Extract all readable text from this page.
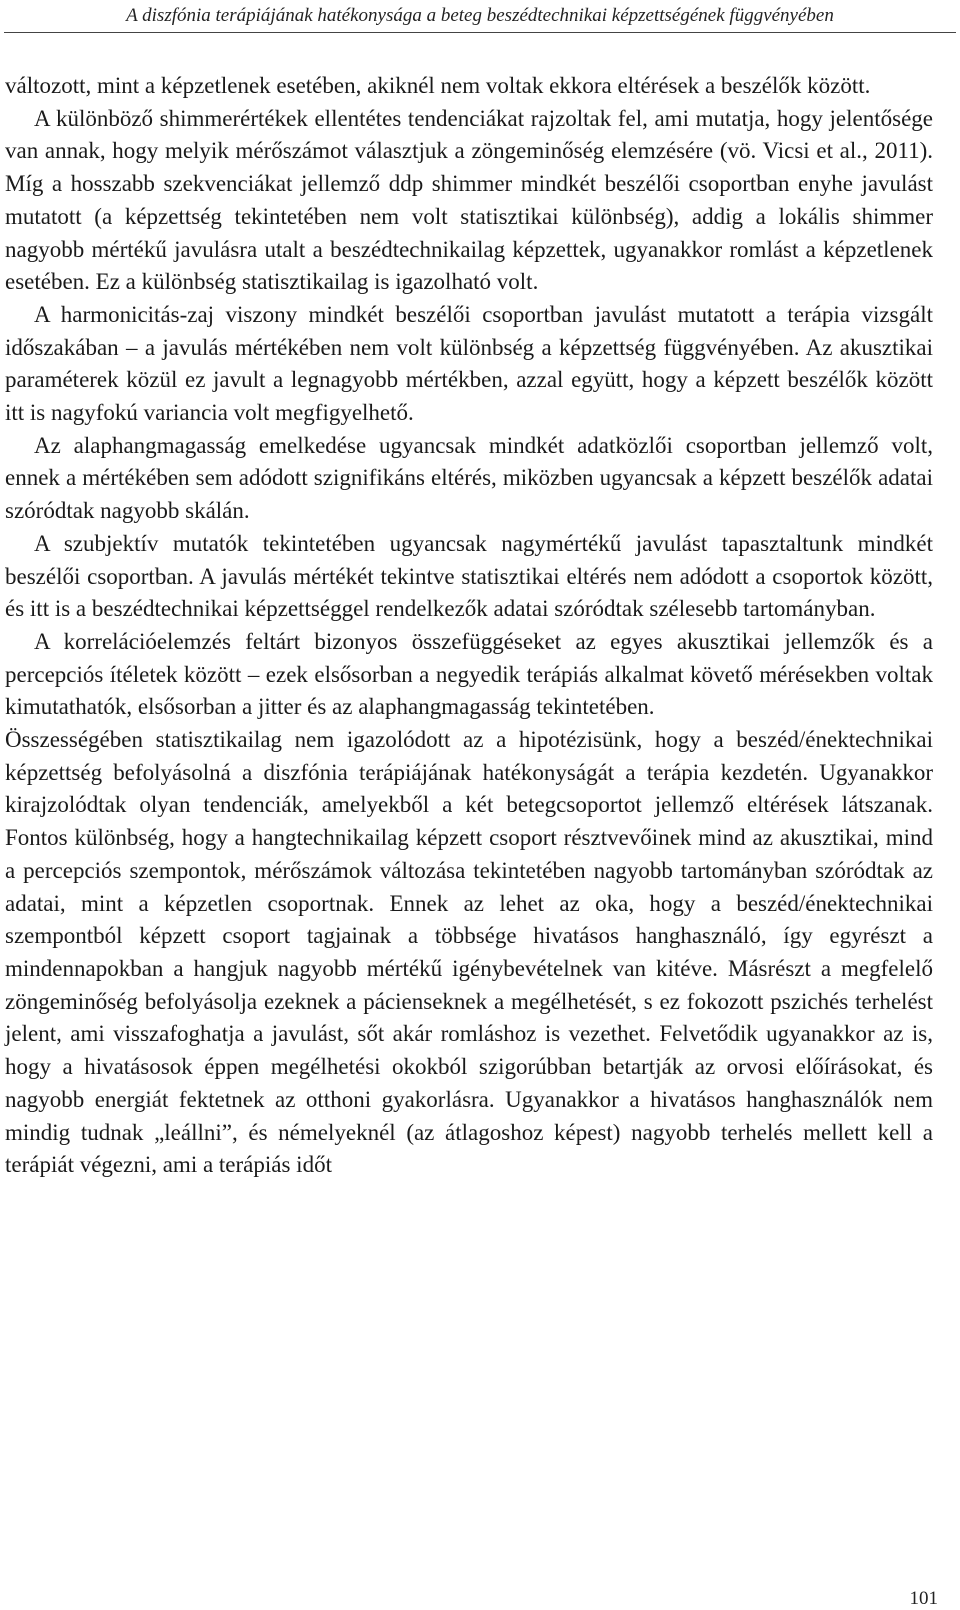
A diszfónia terápiájának hatékonysága a beteg beszédtechnikai képzettségének függvényében

változott, mint a képzetlenek esetében, akiknél nem voltak ekkora eltérések a beszélők között.

A különböző shimmerértékek ellentétes tendenciákat rajzoltak fel, ami mutatja, hogy jelentősége van annak, hogy melyik mérőszámot választjuk a zöngeminőség elemzésére (vö. Vicsi et al., 2011). Míg a hosszabb szekvenciákat jellemző ddp shimmer mindkét beszélői csoportban enyhe javulást mutatott (a képzettség tekintetében nem volt statisztikai különbség), addig a lokális shimmer nagyobb mértékű javulásra utalt a beszédtechnikailag képzettek, ugyanakkor romlást a képzetlenek esetében. Ez a különbség statisztikailag is igazolható volt.

A harmonicitás-zaj viszony mindkét beszélői csoportban javulást mutatott a terápia vizsgált időszakában – a javulás mértékében nem volt különbség a képzettség függvényében. Az akusztikai paraméterek közül ez javult a legnagyobb mértékben, azzal együtt, hogy a képzett beszélők között itt is nagyfokú variancia volt megfigyelhető.

Az alaphangmagasság emelkedése ugyancsak mindkét adatközlői csoportban jellemző volt, ennek a mértékében sem adódott szignifikáns eltérés, miközben ugyancsak a képzett beszélők adatai szóródtak nagyobb skálán.

A szubjektív mutatók tekintetében ugyancsak nagymértékű javulást tapasztaltunk mindkét beszélői csoportban. A javulás mértékét tekintve statisztikai eltérés nem adódott a csoportok között, és itt is a beszédtechnikai képzettséggel rendelkezők adatai szóródtak szélesebb tartományban.

A korrelációelemzés feltárt bizonyos összefüggéseket az egyes akusztikai jellemzők és a percepciós ítéletek között – ezek elsősorban a negyedik terápiás alkalmat követő mérésekben voltak kimutathatók, elsősorban a jitter és az alaphangmagasság tekintetében.

Összességében statisztikailag nem igazolódott az a hipotézisünk, hogy a beszéd/énektechnikai képzettség befolyásolná a diszfónia terápiájának hatékonyságát a terápia kezdetén. Ugyanakkor kirajzolódtak olyan tendenciák, amelyekből a két betegcsoportot jellemző eltérések látszanak. Fontos különbség, hogy a hangtechnikailag képzett csoport résztvevőinek mind az akusztikai, mind a percepciós szempontok, mérőszámok változása tekintetében nagyobb tartományban szóródtak az adatai, mint a képzetlen csoportnak. Ennek az lehet az oka, hogy a beszéd/énektechnikai szempontból képzett csoport tagjainak a többsége hivatásos hanghasználó, így egyrészt a mindennapokban a hangjuk nagyobb mértékű igénybevételnek van kitéve. Másrészt a megfelelő zöngeminőség befolyásolja ezeknek a pácienseknek a megélhetését, s ez fokozott pszichés terhelést jelent, ami visszafoghatja a javulást, sőt akár romláshoz is vezethet. Felvetődik ugyanakkor az is, hogy a hivatásosok éppen megélhetési okokból szigorúbban betartják az orvosi előírásokat, és nagyobb energiát fektetnek az otthoni gyakorlásra. Ugyanakkor a hivatásos hanghasználók nem mindig tudnak „leállni”, és némelyeknél (az átlagoshoz képest) nagyobb terhelés mellett kell a terápiát végezni, ami a terápiás időt

101
